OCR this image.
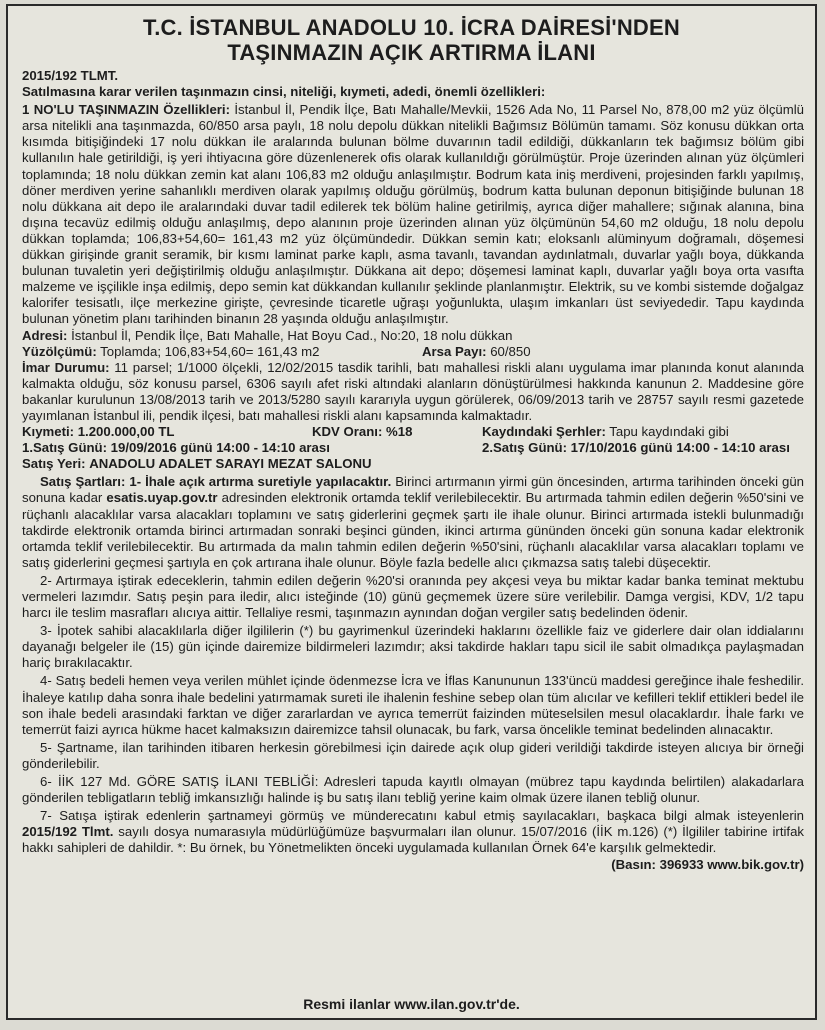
T.C. İSTANBUL ANADOLU 10. İCRA DAİRESİ'NDEN
TAŞINMAZIN AÇIK ARTIRMA İLANI

2015/192 TLMT.

Satılmasına karar verilen taşınmazın cinsi, niteliği, kıymeti, adedi, önemli özellikleri:

1 NO'LU TAŞINMAZIN Özellikleri: İstanbul İl, Pendik İlçe, Batı Mahalle/Mevkii, 1526 Ada No, 11 Parsel No, 878,00 m2 yüz ölçümlü arsa nitelikli ana taşınmazda, 60/850 arsa paylı, 18 nolu depolu dükkan nitelikli Bağımsız Bölümün tamamı. Söz konusu dükkan orta kısımda bitişiğindeki 17 nolu dükkan ile aralarında bulunan bölme duvarının tadil edildiği, dükkanların tek bağımsız bölüm gibi kullanılın hale getirildiği, iş yeri ihtiyacına göre düzenlenerek ofis olarak kullanıldığı görülmüştür. Proje üzerinden alınan yüz ölçümleri toplamında; 18 nolu dükkan zemin kat alanı 106,83 m2 olduğu anlaşılmıştır. Bodrum kata iniş merdiveni, projesinden farklı yapılmış, döner merdiven yerine sahanlıklı merdiven olarak yapılmış olduğu görülmüş, bodrum katta bulunan deponun bitişiğinde bulunan 18 nolu dükkana ait depo ile aralarındaki duvar tadil edilerek tek bölüm haline getirilmiş, ayrıca diğer mahallere; sığınak alanına, bina dışına tecavüz edilmiş olduğu anlaşılmış, depo alanının proje üzerinden alınan yüz ölçümünün 54,60 m2 olduğu, 18 nolu depolu dükkan toplamda; 106,83+54,60= 161,43 m2 yüz ölçümündedir. Dükkan semin katı; eloksanlı alüminyum doğramalı, döşemesi dükkan girişinde granit seramik, bir kısmı laminat parke kaplı, asma tavanlı, tavandan aydınlatmalı, duvarlar yağlı boya, dükkanda bulunan tuvaletin yeri değiştirilmiş olduğu anlaşılmıştır. Dükkana ait depo; döşemesi laminat kaplı, duvarlar yağlı boya orta vasıfta malzeme ve işçilikle inşa edilmiş, depo semin kat dükkandan kullanılır şeklinde planlanmıştır. Elektrik, su ve kombi sistemde doğalgaz kalorifer tesisatlı, ilçe merkezine girişte, çevresinde ticaretle uğraşı yoğunlukta, ulaşım imkanları üst seviyededir. Tapu kaydında bulunan yönetim planı tarihinden binanın 28 yaşında olduğu anlaşılmıştır.

Adresi: İstanbul İl, Pendik İlçe, Batı Mahalle, Hat Boyu Cad., No:20, 18 nolu dükkan

Yüzölçümü: Toplamda; 106,83+54,60= 161,43 m2	Arsa Payı: 60/850

İmar Durumu: 11 parsel; 1/1000 ölçekli, 12/02/2015 tasdik tarihli, batı mahallesi riskli alanı uygulama imar planında konut alanında kalmakta olduğu, söz konusu parsel, 6306 sayılı afet riski altındaki alanların dönüştürülmesi hakkında kanunun 2. Maddesine göre bakanlar kurulunun 13/08/2013 tarih ve 2013/5280 sayılı kararıyla uygun görülerek, 06/09/2013 tarih ve 28757 sayılı resmi gazetede yayımlanan İstanbul ili, pendik ilçesi, batı mahallesi riskli alanı kapsamında kalmaktadır.

Kıymeti: 1.200.000,00 TL	KDV Oranı: %18	Kaydındaki Şerhler: Tapu kaydındaki gibi
1.Satış Günü: 19/09/2016 günü 14:00 - 14:10 arası	2.Satış Günü: 17/10/2016 günü 14:00 - 14:10 arası

Satış Yeri: ANADOLU ADALET SARAYI MEZAT SALONU

Satış Şartları: 1- İhale açık artırma suretiyle yapılacaktır. Birinci artırmanın yirmi gün öncesinden, artırma tarihinden önceki gün sonuna kadar esatis.uyap.gov.tr adresinden elektronik ortamda teklif verilebilecektir. Bu artırmada tahmin edilen değerin %50'sini ve rüçhanlı alacaklılar varsa alacakları toplamını ve satış giderlerini geçmek şartı ile ihale olunur. Birinci artırmada istekli bulunmadığı takdirde elektronik ortamda birinci artırmadan sonraki beşinci günden, ikinci artırma gününden önceki gün sonuna kadar elektronik ortamda teklif verilebilecektir. Bu artırmada da malın tahmin edilen değerin %50'sini, rüçhanlı alacaklılar varsa alacakları toplamı ve satış giderlerini geçmesi şartıyla en çok artırana ihale olunur. Böyle fazla bedelle alıcı çıkmazsa satış talebi düşecektir.

2- Artırmaya iştirak edeceklerin, tahmin edilen değerin %20'si oranında pey akçesi veya bu miktar kadar banka teminat mektubu vermeleri lazımdır. Satış peşin para iledir, alıcı isteğinde (10) günü geçmemek üzere süre verilebilir. Damga vergisi, KDV, 1/2 tapu harcı ile teslim masrafları alıcıya aittir. Tellaliye resmi, taşınmazın aynından doğan vergiler satış bedelinden ödenir.

3- İpotek sahibi alacaklılarla diğer ilgililerin (*) bu gayrimenkul üzerindeki haklarını özellikle faiz ve giderlere dair olan iddialarını dayanağı belgeler ile (15) gün içinde dairemize bildirmeleri lazımdır; aksi takdirde hakları tapu sicil ile sabit olmadıkça paylaşmadan hariç bırakılacaktır.

4- Satış bedeli hemen veya verilen mühlet içinde ödenmezse İcra ve İflas Kanununun 133'üncü maddesi gereğince ihale feshedilir. İhaleye katılıp daha sonra ihale bedelini yatırmamak sureti ile ihalenin feshine sebep olan tüm alıcılar ve kefilleri teklif ettikleri bedel ile son ihale bedeli arasındaki farktan ve diğer zararlardan ve ayrıca temerrüt faizinden müteselsilen mesul olacaklardır. İhale farkı ve temerrüt faizi ayrıca hükme hacet kalmaksızın dairemizce tahsil olunacak, bu fark, varsa öncelikle teminat bedelinden alınacaktır.

5- Şartname, ilan tarihinden itibaren herkesin görebilmesi için dairede açık olup gideri verildiği takdirde isteyen alıcıya bir örneği gönderilebilir.

6- İİK 127 Md. GÖRE SATIŞ İLANI TEBLİĞİ: Adresleri tapuda kayıtlı olmayan (mübrez tapu kaydında belirtilen) alakadarlara gönderilen tebligatların tebliğ imkansızlığı halinde iş bu satış ilanı tebliğ yerine kaim olmak üzere ilanen tebliğ olunur.

7- Satışa iştirak edenlerin şartnameyi görmüş ve münderecatını kabul etmiş sayılacakları, başkaca bilgi almak isteyenlerin 2015/192 Tlmt. sayılı dosya numarasıyla müdürlüğümüze başvurmaları ilan olunur. 15/07/2016 (İİK m.126) (*) İlgililer tabirine irtifak hakkı sahipleri de dahildir. *: Bu örnek, bu Yönetmelikten önceki uygulamada kullanılan Örnek 64'e karşılık gelmektedir.

(Basın: 396933 www.bik.gov.tr)

Resmi ilanlar www.ilan.gov.tr'de.
